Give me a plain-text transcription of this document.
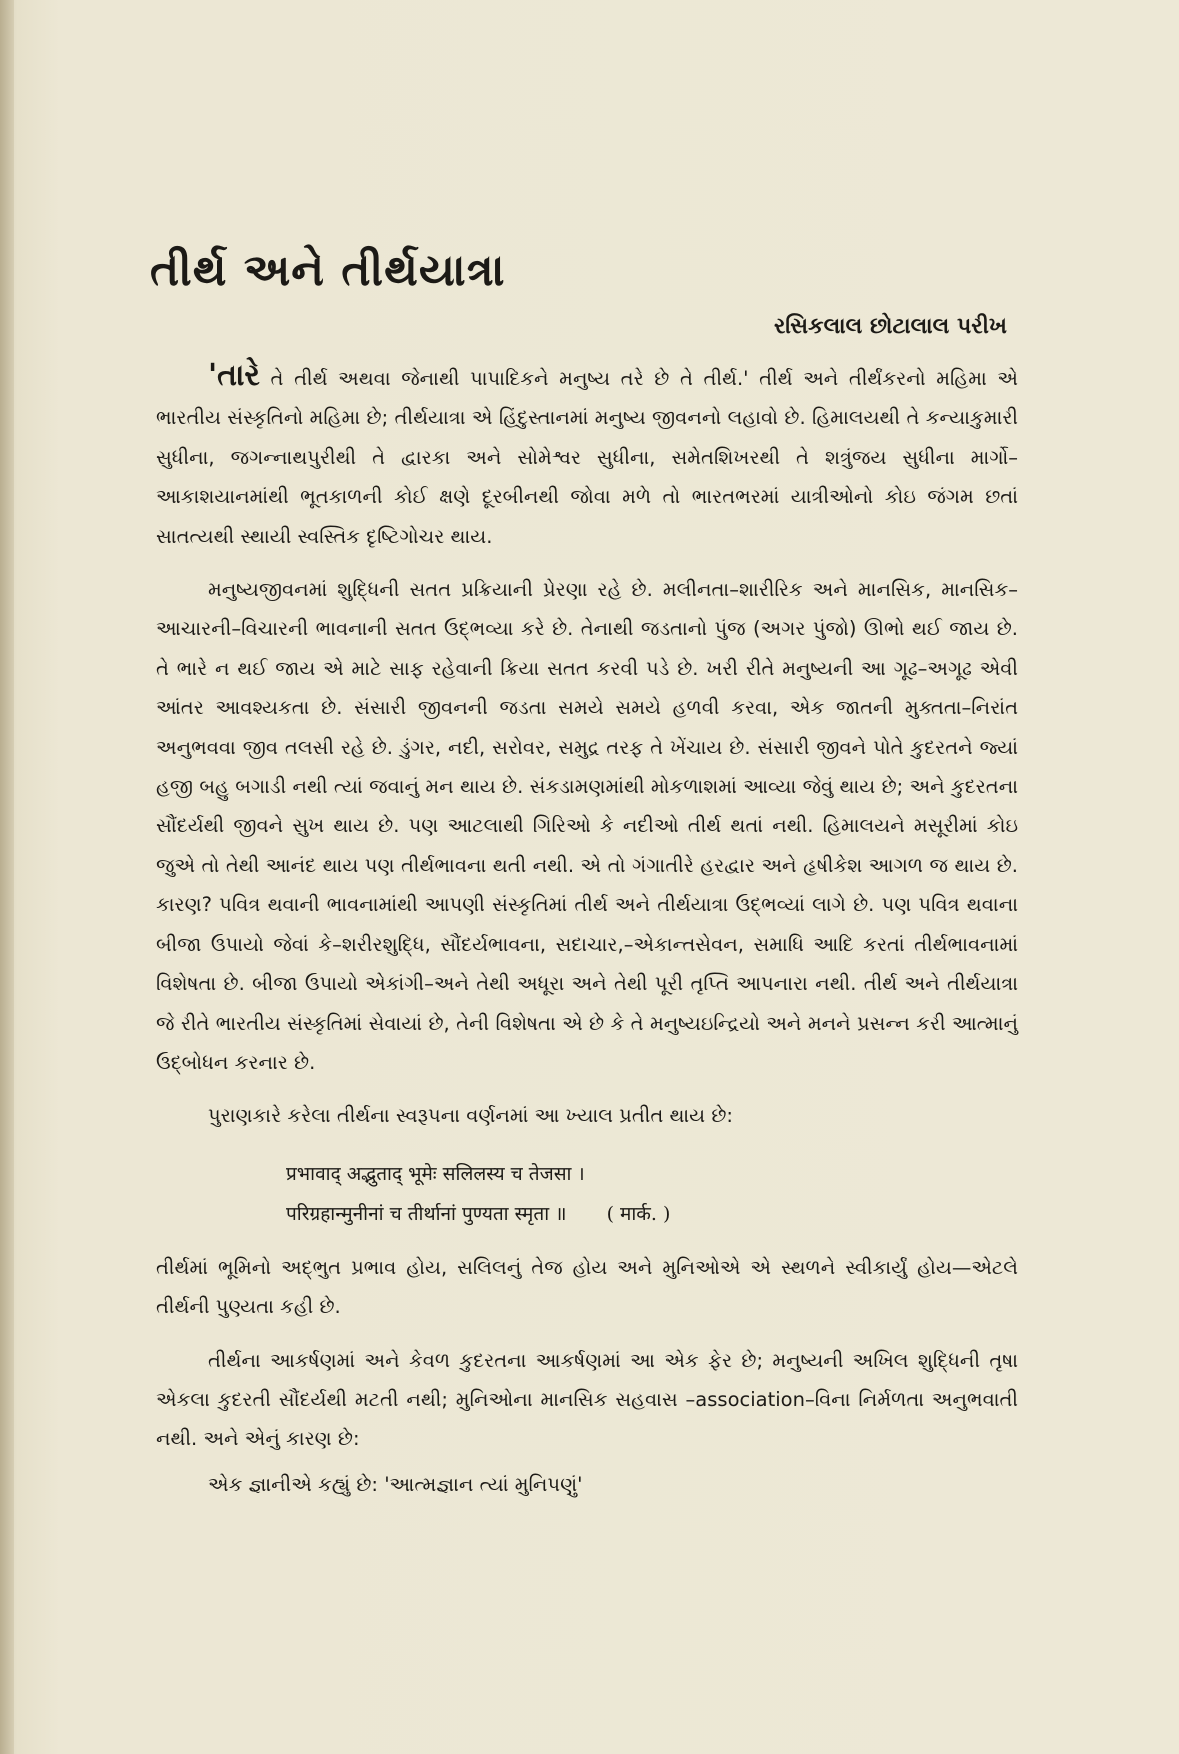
તીર્થ અને તીર્થયાત્રા
રસિકલાલ છોટાલાલ પરીખ

'તારે તે તીર્થ અથવા જેનાથી પાપાદિકને મનુષ્ય તરે છે તે તીર્થ.' તીર્થ અને તીર્થંકરનો મહિમા એ ભારતીય સંસ્કૃતિનો મહિમા છે; તીર્થયાત્રા એ હિંદુસ્તાનમાં મનુષ્ય જીવનનો લહાવો છે. હિમાલયથી તે કન્યાકુમારી સુધીના, જગન્નાથપુરીથી તે દ્વારકા અને સોમેશ્વર સુધીના, સમેતશિખરથી તે શત્રુંજય સુધીના માર્ગો–આકાશયાનમાંથી ભૂતકાળની કોઈ ક્ષણે દૂરબીનથી જોવા મળે તો ભારતભરમાં યાત્રીઓનો કોઇ જંગમ છતાં સાતત્યથી સ્થાયી સ્વસ્તિક દૃષ્ટિગોચર થાય.

મનુષ્યજીવનમાં શુદ્ધિની સતત પ્રક્રિયાની પ્રેરણા રહે છે. મલીનતા–શારીરિક અને માનસિક, માનસિક–આચારની–વિચારની ભાવનાની સતત ઉદ્ભવ્યા કરે છે. તેનાથી જડતાનો પુંજ (અગર પુંજો) ઊભો થઈ જાય છે. તે ભારે ન થઈ જાય એ માટે સાફ રહેવાની ક્રિયા સતત કરવી પડે છે. ખરી રીતે મનુષ્યની આ ગૂઢ–અગૂઢ એવી આંતર આવશ્યકતા છે. સંસારી જીવનની જડતા સમયે સમયે હળવી કરવા, એક જાતની મુક્તતા–નિરાંત અનુભવવા જીવ તલસી રહે છે. ડુંગર, નદી, સરોવર, સમુદ્ર તરફ તે ખેંચાય છે. સંસારી જીવને પોતે કુદરતને જ્યાં હજી બહુ બગાડી નથી ત્યાં જવાનું મન થાય છે. સંકડામણમાંથી મોકળાશમાં આવ્યા જેવું થાય છે; અને કુદરતના સૌંદર્યથી જીવને સુખ થાય છે. પણ આટલાથી ગિરિઓ કે નદીઓ તીર્થ થતાં નથી. હિમાલયને મસૂરીમાં કોઇ જુએ તો તેથી આનંદ થાય પણ તીર્થભાવના થતી નથી. એ તો ગંગાતીરે હરદ્વાર અને હૃષીકેશ આગળ જ થાય છે. કારણ? પવિત્ર થવાની ભાવનામાંથી આપણી સંસ્કૃતિમાં તીર્થ અને તીર્થયાત્રા ઉદ્ભવ્યાં લાગે છે. પણ પવિત્ર થવાના બીજા ઉપાયો જેવાં કે–શરીરશુદ્ધિ, સૌંદર્યભાવના, સદાચાર,–એકાન્તસેવન, સમાધિ આદિ કરતાં તીર્થભાવનામાં વિશેષતા છે. બીજા ઉપાયો એકાંગી–અને તેથી અધૂરા અને તેથી પૂરી તૃપ્તિ આપનારા નથી. તીર્થ અને તીર્થયાત્રા જે રીતે ભારતીય સંસ્કૃતિમાં સેવાયાં છે, તેની વિશેષતા એ છે કે તે મનુષ્યઇન્દ્રિયો અને મનને પ્રસન્ન કરી આત્માનું ઉદ્બોધન કરનાર છે.

પુરાણકારે કરેલા તીર્થના સ્વરૂપના વર્ણનમાં આ ખ્યાલ પ્રતીત થાય છે:

प्रभावाद् अद्भुताद् भूमेः सलिलस्य च तेजसा ।
परिग्रहान्मुनीनां च तीर्थानां पुण्यता स्मृता ॥ ( मार्क. )

તીર્થમાં ભૂમિનો અદ્ભુત પ્રભાવ હોય, સલિલનું તેજ હોય અને મુનિઓએ એ સ્થળને સ્વીકાર્યું હોય—એટલે તીર્થની પુણ્યતા કહી છે.

તીર્થના આકર્ષણમાં અને કેવળ કુદરતના આકર્ષણમાં આ એક ફેર છે; મનુષ્યની અખિલ શુદ્ધિની તૃષા એકલા કુદરતી સૌંદર્યથી મટતી નથી; મુનિઓના માનસિક સહવાસ –association–વિના નિર્મળતા અનુભવાતી નથી. અને એનું કારણ છે:

એક જ્ઞાનીએ કહ્યું છે: 'આત્મજ્ઞાન ત્યાં મુનિપણું'
